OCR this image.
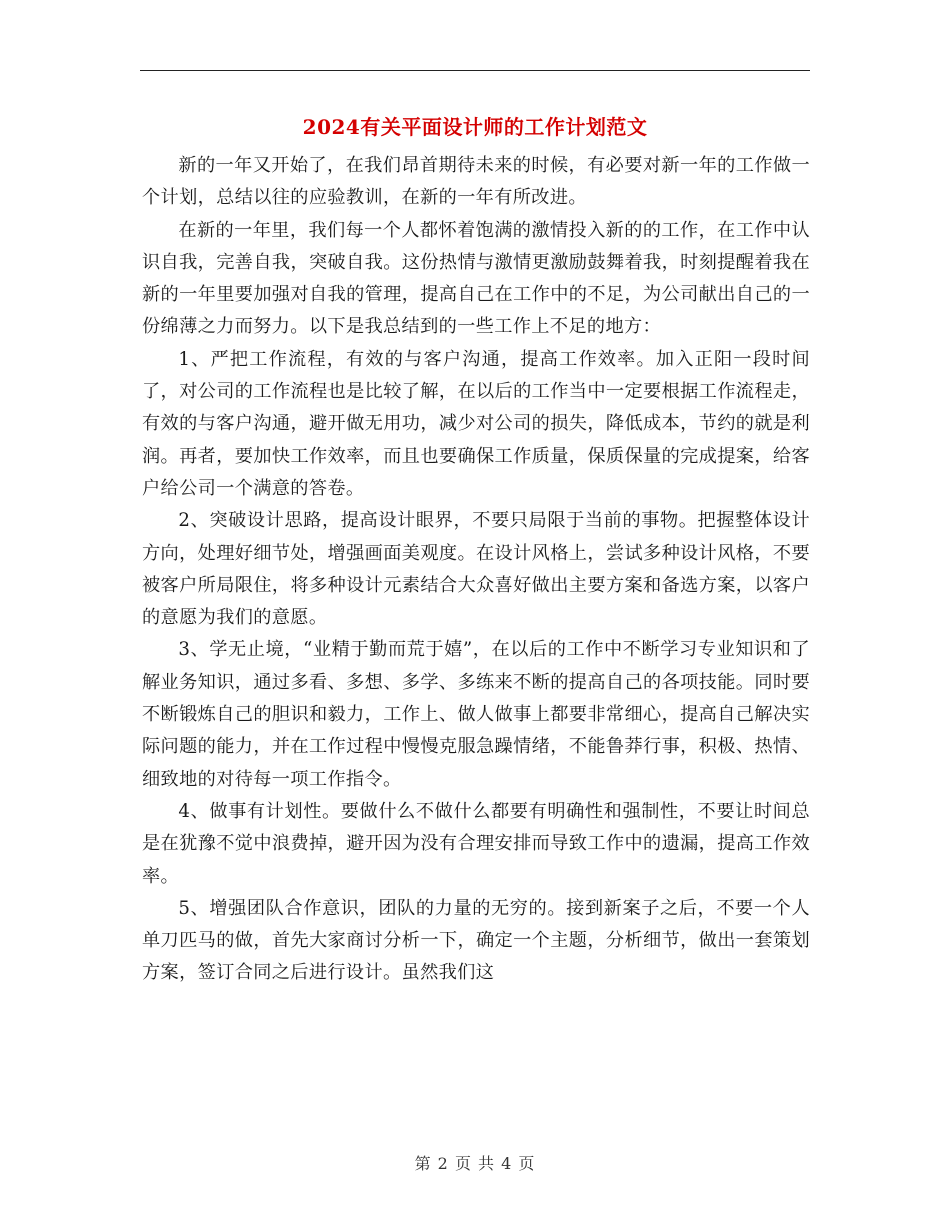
2024有关平面设计师的工作计划范文

新的一年又开始了，在我们昂首期待未来的时候，有必要对新一年的工作做一个计划，总结以往的应验教训，在新的一年有所改进。

在新的一年里，我们每一个人都怀着饱满的激情投入新的的工作，在工作中认识自我，完善自我，突破自我。这份热情与激情更激励鼓舞着我，时刻提醒着我在新的一年里要加强对自我的管理，提高自己在工作中的不足，为公司献出自己的一份绵薄之力而努力。以下是我总结到的一些工作上不足的地方：

1、严把工作流程，有效的与客户沟通，提高工作效率。加入正阳一段时间了，对公司的工作流程也是比较了解，在以后的工作当中一定要根据工作流程走，有效的与客户沟通，避开做无用功，减少对公司的损失，降低成本，节约的就是利润。再者，要加快工作效率，而且也要确保工作质量，保质保量的完成提案，给客户给公司一个满意的答卷。

2、突破设计思路，提高设计眼界，不要只局限于当前的事物。把握整体设计方向，处理好细节处，增强画面美观度。在设计风格上，尝试多种设计风格，不要被客户所局限住，将多种设计元素结合大众喜好做出主要方案和备选方案，以客户的意愿为我们的意愿。

3、学无止境，“业精于勤而荒于嬉”，在以后的工作中不断学习专业知识和了解业务知识，通过多看、多想、多学、多练来不断的提高自己的各项技能。同时要不断锻炼自己的胆识和毅力，工作上、做人做事上都要非常细心，提高自己解决实际问题的能力，并在工作过程中慢慢克服急躁情绪，不能鲁莽行事，积极、热情、细致地的对待每一项工作指令。

4、做事有计划性。要做什么不做什么都要有明确性和强制性，不要让时间总是在犹豫不觉中浪费掉，避开因为没有合理安排而导致工作中的遗漏，提高工作效率。

5、增强团队合作意识，团队的力量的无穷的。接到新案子之后，不要一个人单刀匹马的做，首先大家商讨分析一下，确定一个主题，分析细节，做出一套策划方案，签订合同之后进行设计。虽然我们这

第 2 页 共 4 页
